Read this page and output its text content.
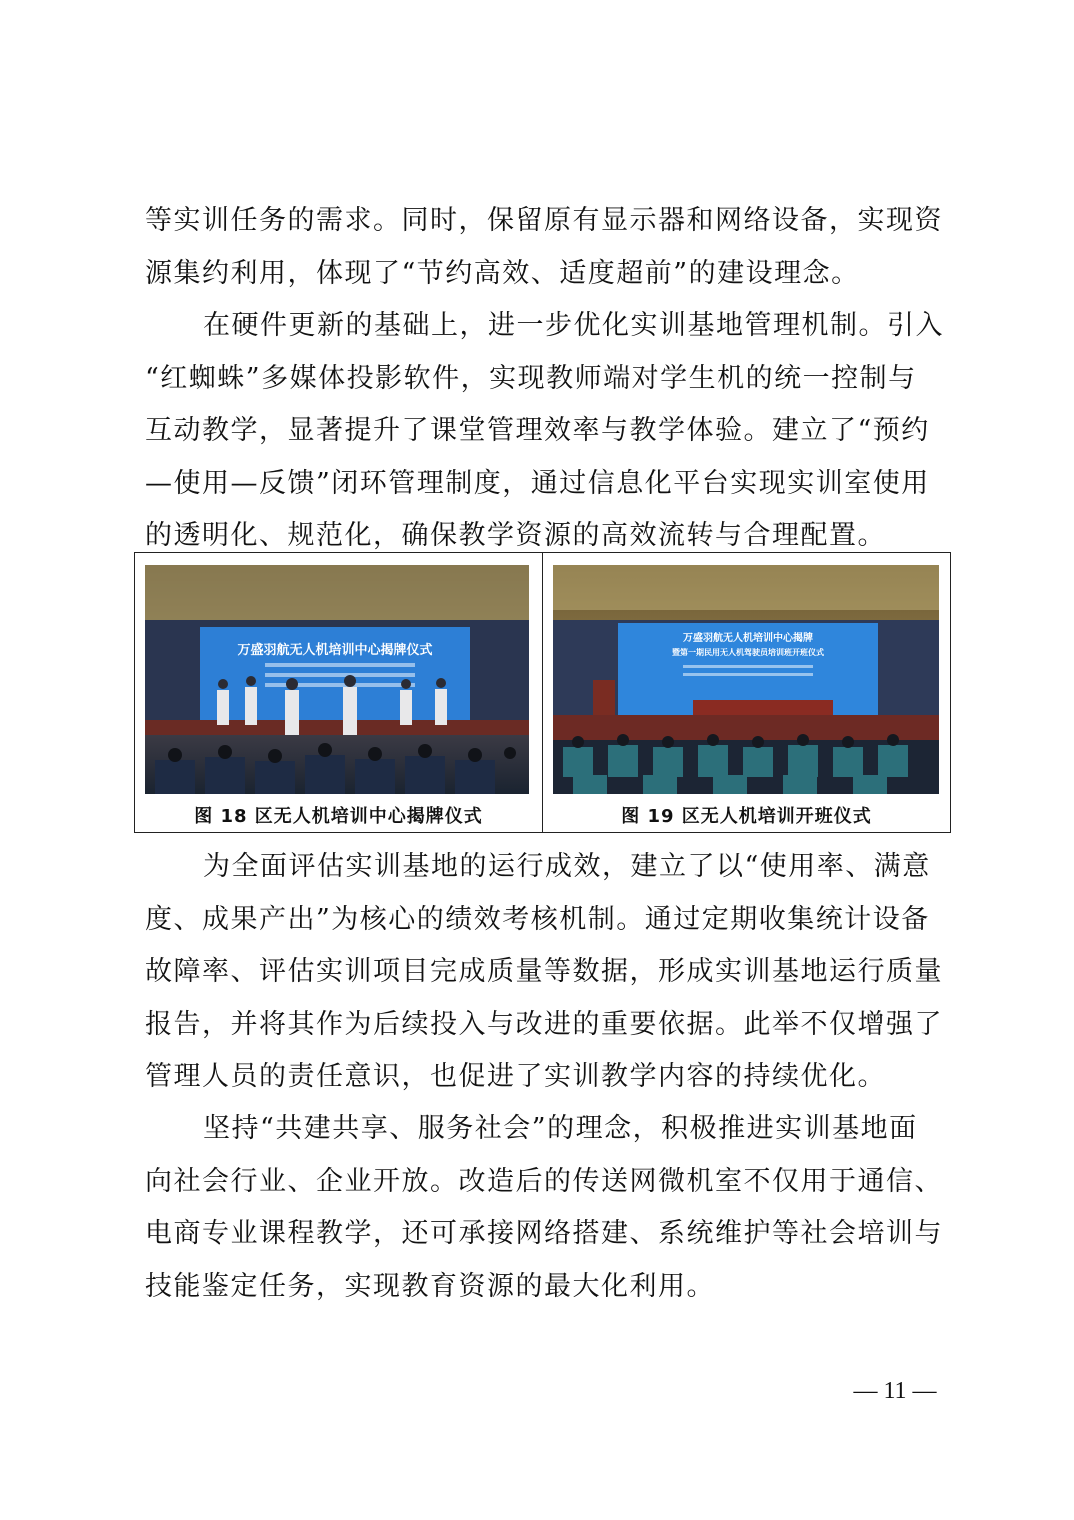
等实训任务的需求。同时，保留原有显示器和网络设备，实现资
源集约利用，体现了“节约高效、适度超前”的建设理念。
在硬件更新的基础上，进一步优化实训基地管理机制。引入
“红蜘蛛”多媒体投影软件，实现教师端对学生机的统一控制与
互动教学，显著提升了课堂管理效率与教学体验。建立了“预约
—使用—反馈”闭环管理制度，通过信息化平台实现实训室使用
的透明化、规范化，确保教学资源的高效流转与合理配置。
万盛羽航无人机培训中心揭牌仪式
图 18 区无人机培训中心揭牌仪式
万盛羽航无人机培训中心揭牌
暨第一期民用无人机驾驶员培训班开班仪式
图 19 区无人机培训开班仪式
为全面评估实训基地的运行成效，建立了以“使用率、满意
度、成果产出”为核心的绩效考核机制。通过定期收集统计设备
故障率、评估实训项目完成质量等数据，形成实训基地运行质量
报告，并将其作为后续投入与改进的重要依据。此举不仅增强了
管理人员的责任意识，也促进了实训教学内容的持续优化。
坚持“共建共享、服务社会”的理念，积极推进实训基地面
向社会行业、企业开放。改造后的传送网微机室不仅用于通信、
电商专业课程教学，还可承接网络搭建、系统维护等社会培训与
技能鉴定任务，实现教育资源的最大化利用。
— 11 —
